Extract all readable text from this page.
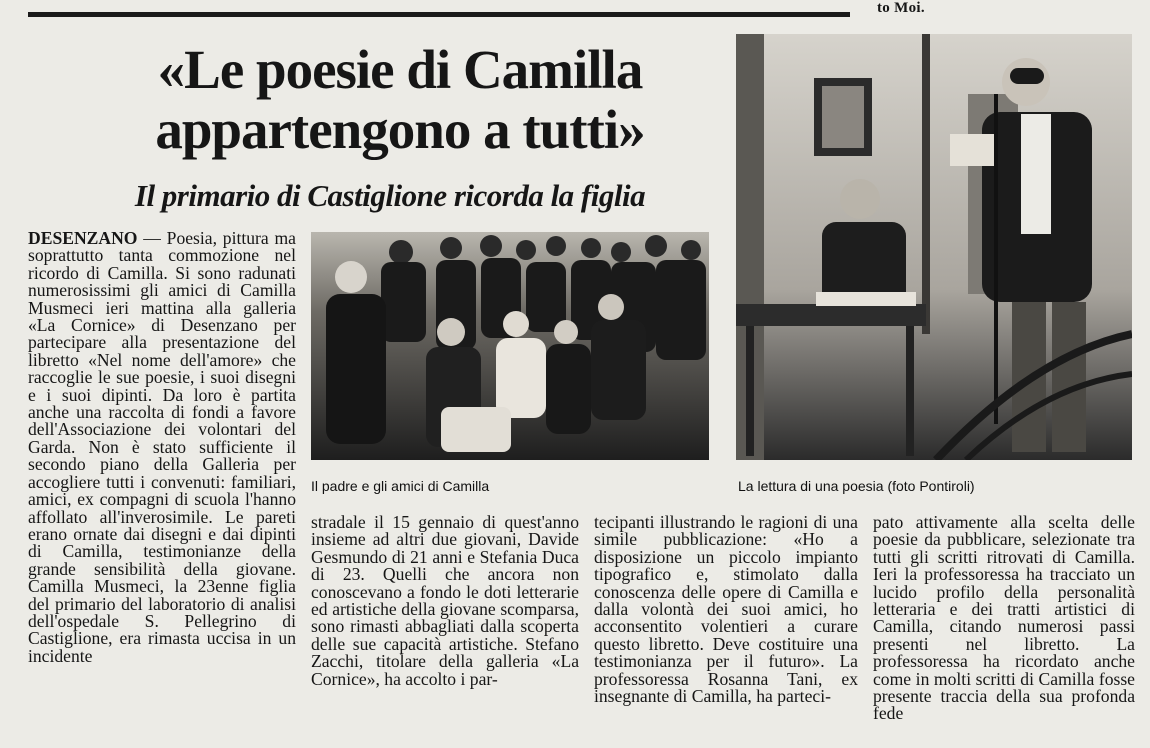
to Moi.
«Le poesie di Camilla appartengono a tutti»
Il primario di Castiglione ricorda la figlia
DESENZANO — Poesia, pittura ma soprattutto tanta commozione nel ricordo di Camilla. Si sono radunati numerosissimi gli amici di Camilla Musmeci ieri mattina alla galleria «La Cornice» di Desenzano per partecipare alla presentazione del libretto «Nel nome dell'amore» che raccoglie le sue poesie, i suoi disegni e i suoi dipinti. Da loro è partita anche una raccolta di fondi a favore dell'Associazione dei volontari del Garda. Non è stato sufficiente il secondo piano della Galleria per accogliere tutti i convenuti: familiari, amici, ex compagni di scuola l'hanno affollato all'inverosimile. Le pareti erano ornate dai disegni e dai dipinti di Camilla, testimonianze della grande sensibilità della giovane. Camilla Musmeci, la 23enne figlia del primario del laboratorio di analisi dell'ospedale S. Pellegrino di Castiglione, era rimasta uccisa in un incidente
Il padre e gli amici di Camilla	La lettura di una poesia (foto Pontiroli)
stradale il 15 gennaio di quest'anno insieme ad altri due giovani, Davide Gesmundo di 21 anni e Stefania Duca di 23. Quelli che ancora non conoscevano a fondo le doti letterarie ed artistiche della giovane scomparsa, sono rimasti abbagliati dalla scoperta delle sue capacità artistiche. Stefano Zacchi, titolare della galleria «La Cornice», ha accolto i par-
tecipanti illustrando le ragioni di una simile pubblicazione: «Ho a disposizione un piccolo impianto tipografico e, stimolato dalla conoscenza delle opere di Camilla e dalla volontà dei suoi amici, ho acconsentito volentieri a curare questo libretto. Deve costituire una testimonianza per il futuro». La professoressa Rosanna Tani, ex insegnante di Camilla, ha parteci-
pato attivamente alla scelta delle poesie da pubblicare, selezionate tra tutti gli scritti ritrovati di Camilla. Ieri la professoressa ha tracciato un lucido profilo della personalità letteraria e dei tratti artistici di Camilla, citando numerosi passi presenti nel libretto. La professoressa ha ricordato anche come in molti scritti di Camilla fosse presente traccia della sua profonda fede
